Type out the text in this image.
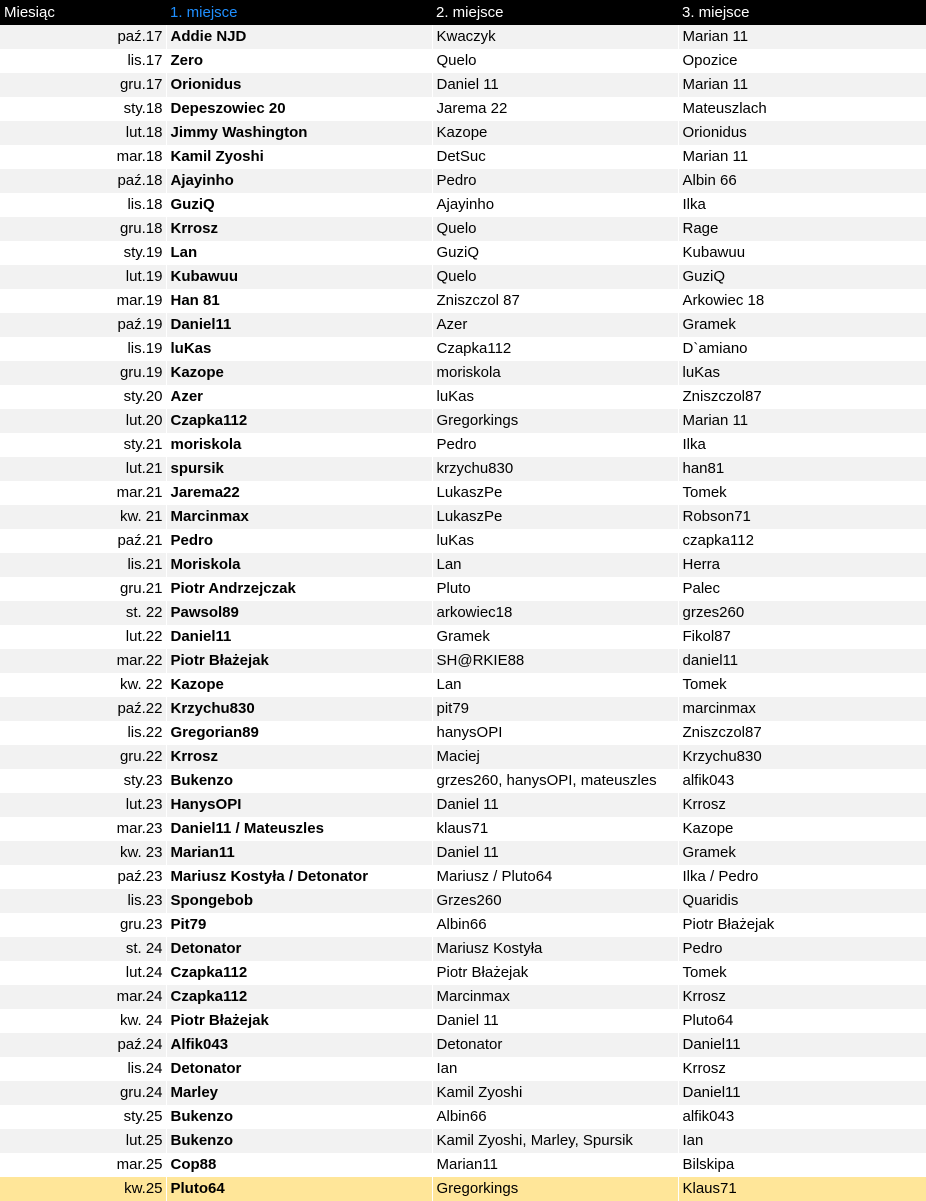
Miesiąc	1. miejsce	2. miejsce	3. miejsce
paź.17	Addie NJD	Kwaczyk	Marian 11
lis.17	Zero	Quelo	Opozice
gru.17	Orionidus	Daniel 11	Marian 11
sty.18	Depeszowiec 20	Jarema 22	Mateuszlach
lut.18	Jimmy Washington	Kazope	Orionidus
mar.18	Kamil Zyoshi	DetSuc	Marian 11
paź.18	Ajayinho	Pedro	Albin 66
lis.18	GuziQ	Ajayinho	Ilka
gru.18	Krrosz	Quelo	Rage
sty.19	Lan	GuziQ	Kubawuu
lut.19	Kubawuu	Quelo	GuziQ
mar.19	Han 81	Zniszczol 87	Arkowiec 18
paź.19	Daniel11	Azer	Gramek
lis.19	luKas	Czapka112	D`amiano
gru.19	Kazope	moriskola	luKas
sty.20	Azer	luKas	Zniszczol87
lut.20	Czapka112	Gregorkings	Marian 11
sty.21	moriskola	Pedro	Ilka
lut.21	spursik	krzychu830	han81
mar.21	Jarema22	LukaszPe	Tomek
kw. 21	Marcinmax	LukaszPe	Robson71
paź.21	Pedro	luKas	czapka112
lis.21	Moriskola	Lan	Herra
gru.21	Piotr Andrzejczak	Pluto	Palec
st. 22	Pawsol89	arkowiec18	grzes260
lut.22	Daniel11	Gramek	Fikol87
mar.22	Piotr Błażejak	SH@RKIE88	daniel11
kw. 22	Kazope	Lan	Tomek
paź.22	Krzychu830	pit79	marcinmax
lis.22	Gregorian89	hanysOPI	Zniszczol87
gru.22	Krrosz	Maciej	Krzychu830
sty.23	Bukenzo	grzes260, hanysOPI, mateuszles	alfik043
lut.23	HanysOPI	Daniel 11	Krrosz
mar.23	Daniel11 / Mateuszles	klaus71	Kazope
kw. 23	Marian11	Daniel 11	Gramek
paź.23	Mariusz Kostyła / Detonator	Mariusz / Pluto64	Ilka / Pedro
lis.23	Spongebob	Grzes260	Quaridis
gru.23	Pit79	Albin66	Piotr Błażejak
st. 24	Detonator	Mariusz Kostyła	Pedro
lut.24	Czapka112	Piotr Błażejak	Tomek
mar.24	Czapka112	Marcinmax	Krrosz
kw. 24	Piotr Błażejak	Daniel 11	Pluto64
paź.24	Alfik043	Detonator	Daniel11
lis.24	Detonator	Ian	Krrosz
gru.24	Marley	Kamil Zyoshi	Daniel11
sty.25	Bukenzo	Albin66	alfik043
lut.25	Bukenzo	Kamil Zyoshi, Marley, Spursik	Ian
mar.25	Cop88	Marian11	Bilskipa
kw.25	Pluto64	Gregorkings	Klaus71
